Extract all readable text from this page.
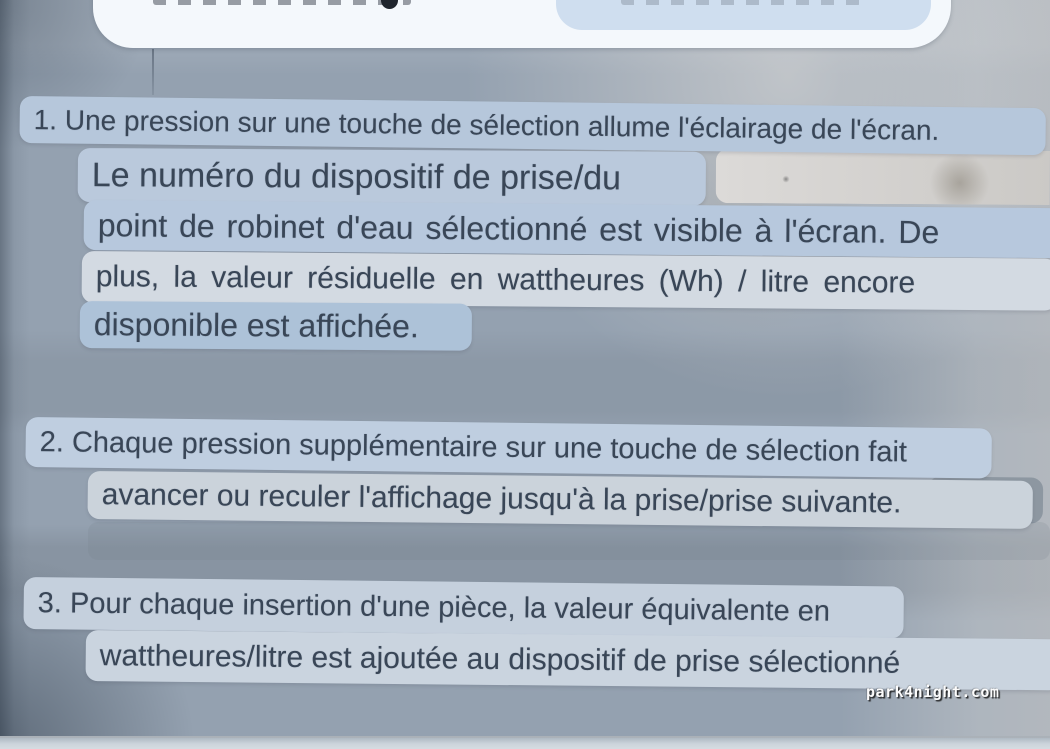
1. Une pression sur une touche de sélection allume l'éclairage de l'écran.
Le numéro du dispositif de prise/du
point de robinet d'eau sélectionné est visible à l'écran. De
plus, la valeur résiduelle en wattheures (Wh) / litre encore
disponible est affichée.
2. Chaque pression supplémentaire sur une touche de sélection fait
avancer ou reculer l'affichage jusqu'à la prise/prise suivante.
3. Pour chaque insertion d'une pièce, la valeur équivalente en
wattheures/litre est ajoutée au dispositif de prise sélectionné
park4night.com
